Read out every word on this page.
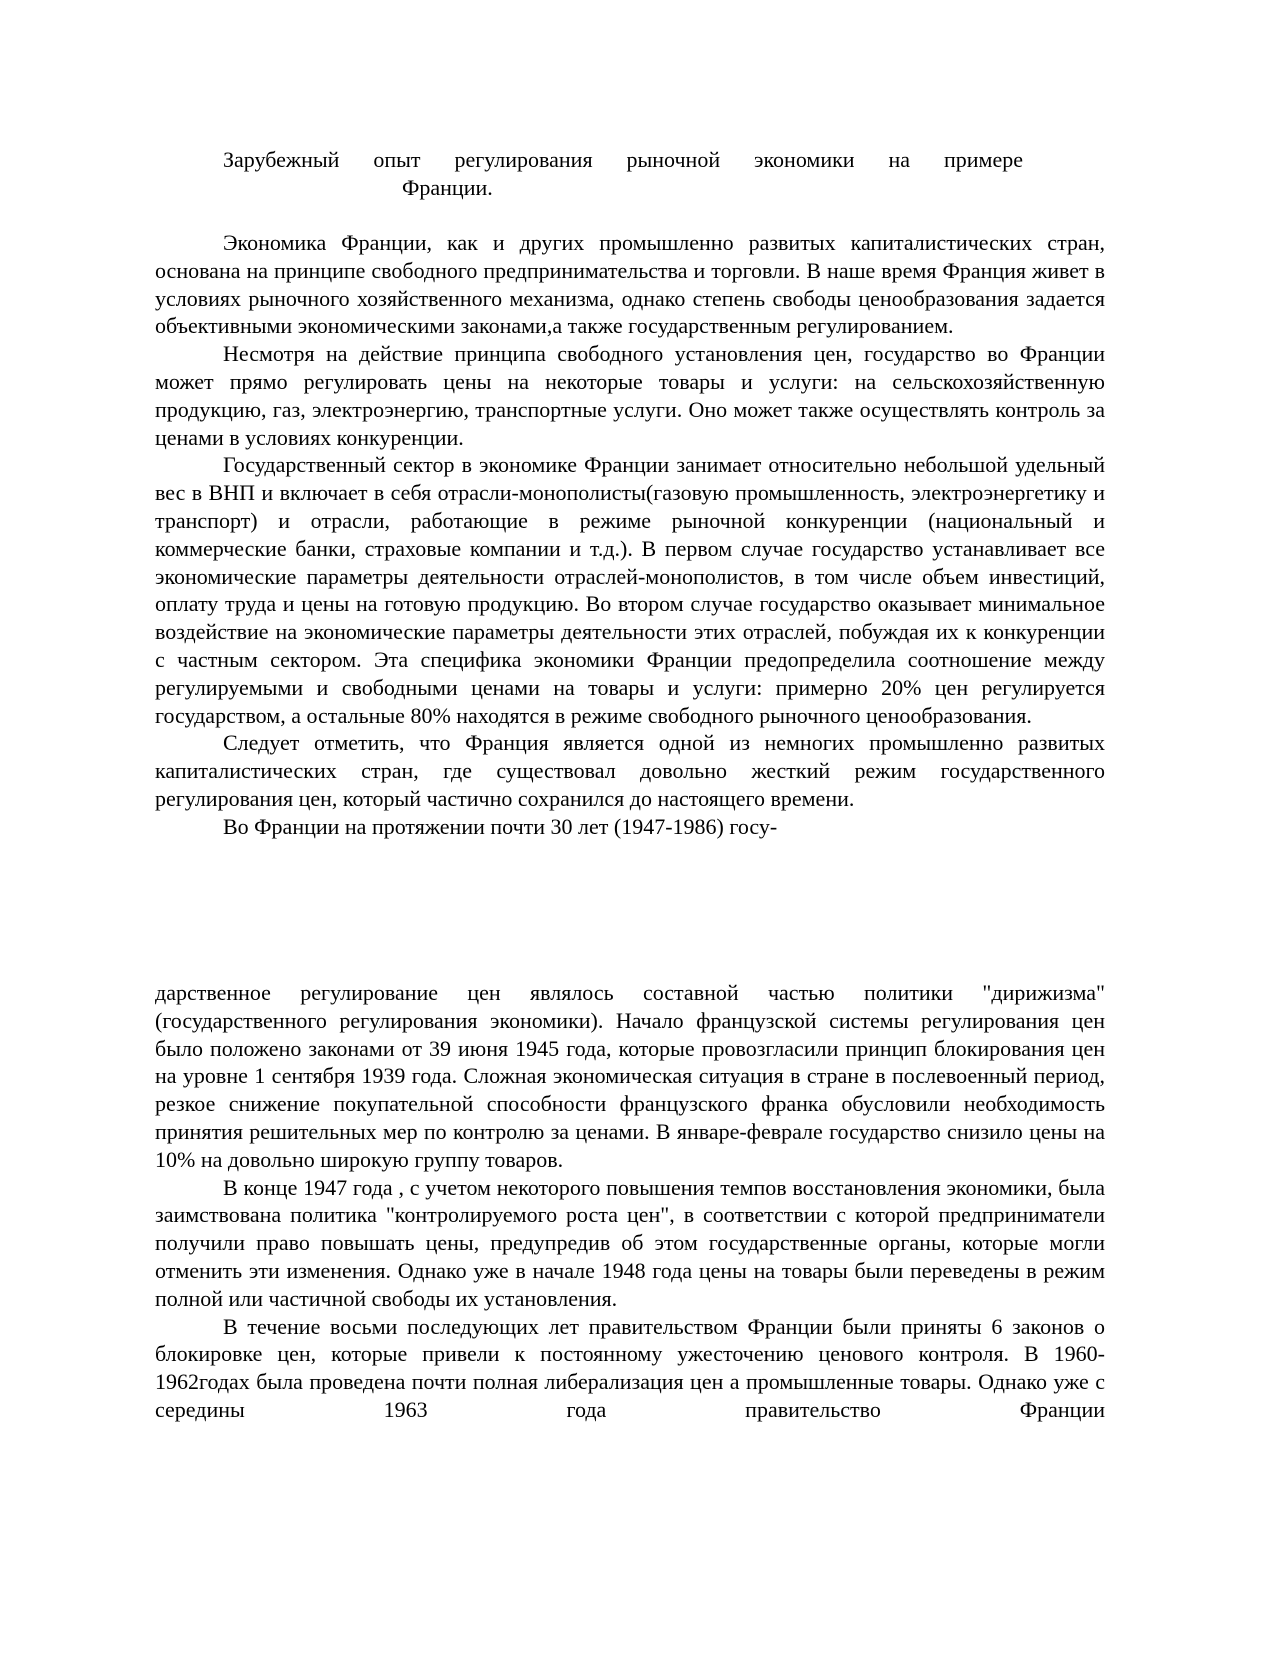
Зарубежный опыт регулирования рыночной экономики на примере
Франции.

Экономика Франции, как и других промышленно развитых капиталистических стран, основана на принципе свободного предпринимательства и торговли. В наше время Франция живет в условиях рыночного хозяйственного механизма, однако степень свободы ценообразования задается объективными экономическими законами,а также государственным регулированием.

Несмотря на действие принципа свободного установления цен, государство во Франции может прямо регулировать цены на некоторые товары и услуги: на сельскохозяйственную продукцию, газ, электроэнергию, транспортные услуги. Оно может также осуществлять контроль за ценами в условиях конкуренции.

Государственный сектор в экономике Франции занимает относительно небольшой удельный вес в ВНП и включает в себя отрасли-монополисты(газовую промышленность, электроэнергетику и транспорт) и отрасли, работающие в режиме рыночной конкуренции (национальный и коммерческие банки, страховые компании и т.д.). В первом случае государство устанавливает все экономические параметры деятельности отраслей-монополистов, в том числе объем инвестиций, оплату труда и цены на готовую продукцию. Во втором случае государство оказывает минимальное воздействие на экономические параметры деятельности этих отраслей, побуждая их к конкуренции с частным сектором. Эта специфика экономики Франции предопределила соотношение между регулируемыми и свободными ценами на товары и услуги: примерно 20% цен регулируется государством, а остальные 80% находятся в режиме свободного рыночного ценообразования.

Следует отметить, что Франция является одной из немногих промышленно развитых капиталистических стран, где существовал довольно жесткий режим государственного регулирования цен, который частично сохранился до настоящего времени.

Во Франции на протяжении почти 30 лет (1947-1986) госу-

дарственное регулирование цен являлось составной частью политики "дирижизма" (государственного регулирования экономики). Начало французской системы регулирования цен было положено законами от 39 июня 1945 года, которые провозгласили принцип блокирования цен на уровне 1 сентября 1939 года. Сложная экономическая ситуация в стране в послевоенный период, резкое снижение покупательной способности французского франка обусловили необходимость принятия решительных мер по контролю за ценами. В январе-феврале государство снизило цены на 10% на довольно широкую группу товаров.

В конце 1947 года , с учетом некоторого повышения темпов восстановления экономики, была заимствована политика "контролируемого роста цен", в соответствии с которой предприниматели получили право повышать цены, предупредив об этом государственные органы, которые могли отменить эти изменения. Однако уже в начале 1948 года цены на товары были переведены в режим полной или частичной свободы их установления.

В течение восьми последующих лет правительством Франции были приняты 6 законов о блокировке цен, которые привели к постоянному ужесточению ценового контроля. В 1960-1962годах была проведена почти полная либерализация цен а промышленные товары. Однако уже с середины 1963 года правительство Франции
